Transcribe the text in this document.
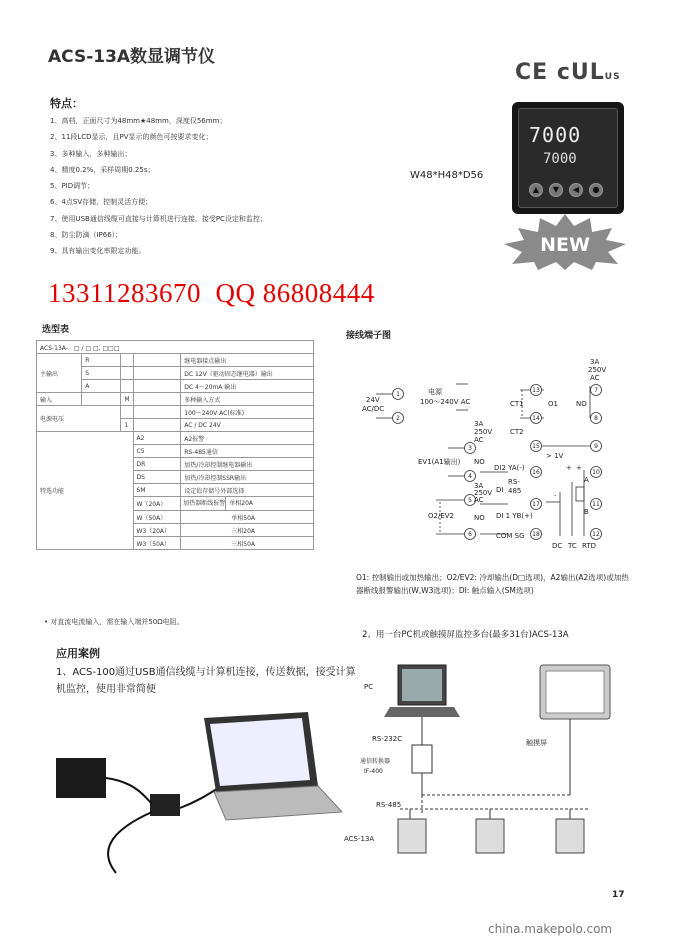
ACS-13A数显调节仪
CE cULUS
特点：
1、高档，正面尺寸为48mm★48mm，深度仅56mm；
2、11段LCD显示，且PV显示的颜色可按要求变化；
3、多种输入，多种输出；
4、精度0.2%，采样周期0.25s；
5、PID调节；
6、4点SV存储，控制灵活方便；
7、使用USB通信线缆可直接与计算机进行连接，接受PC设定和监控；
8、防尘防滴（IP66）；
9、具有输出变化率限定功能。
7000
7000
▲	▼	◀	●
W48*H48*D56
NEW
13311283670  QQ 86808444
选型表
接线端子图
ACS-13A-　□ / □ □, □□□				
主输出	R			继电器接点输出
	S			DC 12V（驱动固态继电器）输出
	A			DC 4～20mA 输出
输入		M		多种输入方式
电源电压				100～240V AC(标准)
		1		AC / DC 24V
特选功能			A2	A2报警
			C5	RS-485通信
			DR	加热/冷却控制继电器输出
			DS	加热/冷却控制SSR输出
			SM	设定值存储号外部选择
			W（20A）	加热器断线报警 单相20A
			W（50A）	单相50A
			W3（20A）	三相20A
			W3（50A）	三相50A
• 对直流电流输入，需在输入端并50Ω电阻。
应用案例
1、ACS-100通过USB通信线缆与计算机连接，传送数据，接受计算机监控，使用非常简便
1
2
3
4
5
6
7
8
9
10
11
12
13
14
15
16
17
18
24V
AC/DC
电源
100～240V AC
3A
250V
AC
EV1(A1输出) NO
3A
250V
AC
O2/EV2	NO
CT1
CT2
O1	NO
3A
250V
AC
DI2 YA(-)
DI
RS-
485
DI 1 YB(+)
COM SG
> 1V
DC TC RTD
A
B
+ +
-
O1: 控制输出或加热输出；O2/EV2: 冷却输出(D□选项)，A2输出(A2选项)或加热器断线报警输出(W,W3选项)；DI: 触点输入(SM选项)
2、用一台PC机或触摸屏监控多台(最多31台)ACS-13A
PC
触摸屏
RS-232C
通信转换器
IF-400
RS-485
ACS-13A
17
china.makepolo.com
